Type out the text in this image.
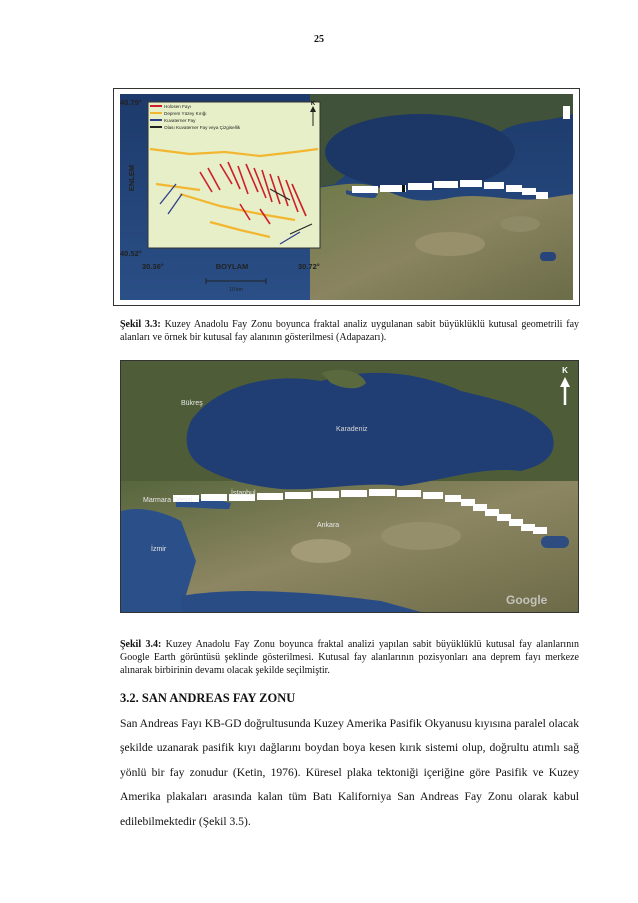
25
Holosen Fayı
Deprem Yüzey Kırığı
Kuvaterner Fay
Olası Kuvaterner Fay veya Çizgisellik
K
40.79°
40.52°
ENLEM
30.36°	30.72°
BOYLAM
10 km
Şekil 3.3: Kuzey Anadolu Fay Zonu boyunca fraktal analiz uygulanan sabit büyüklüklü kutusal geometrili fay alanları ve örnek bir kutusal fay alanının gösterilmesi (Adapazarı).
Bükreş
Karadeniz
Marmara Denizi
İstanbul
Ankara
İzmir
Google
K
Şekil 3.4: Kuzey Anadolu Fay Zonu boyunca fraktal analizi yapılan sabit büyüklüklü kutusal fay alanlarının Google Earth görüntüsü şeklinde gösterilmesi. Kutusal fay alanlarının pozisyonları ana deprem fayı merkeze alınarak birbirinin devamı olacak şekilde seçilmiştir.
3.2. SAN ANDREAS FAY ZONU
San Andreas Fayı KB-GD doğrultusunda Kuzey Amerika Pasifik Okyanusu kıyısına paralel olacak şekilde uzanarak pasifik kıyı dağlarını boydan boya kesen kırık sistemi olup, doğrultu atımlı sağ yönlü bir fay zonudur (Ketin, 1976). Küresel plaka tektoniği içeriğine göre Pasifik ve Kuzey Amerika plakaları arasında kalan tüm Batı Kaliforniya San Andreas Fay Zonu olarak kabul edilebilmektedir (Şekil 3.5).
